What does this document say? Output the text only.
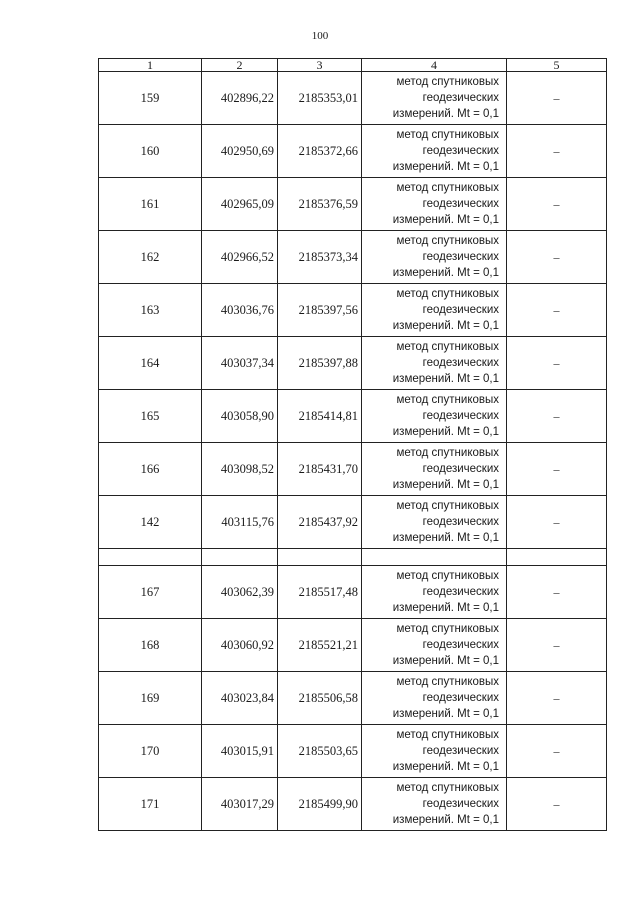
100
1	2	3	4	5
159	402896,22	2185353,01	метод спутниковых
геодезических
измерений. Mt = 0,1	–
160	402950,69	2185372,66	метод спутниковых
геодезических
измерений. Mt = 0,1	–
161	402965,09	2185376,59	метод спутниковых
геодезических
измерений. Mt = 0,1	–
162	402966,52	2185373,34	метод спутниковых
геодезических
измерений. Mt = 0,1	–
163	403036,76	2185397,56	метод спутниковых
геодезических
измерений. Mt = 0,1	–
164	403037,34	2185397,88	метод спутниковых
геодезических
измерений. Mt = 0,1	–
165	403058,90	2185414,81	метод спутниковых
геодезических
измерений. Mt = 0,1	–
166	403098,52	2185431,70	метод спутниковых
геодезических
измерений. Mt = 0,1	–
142	403115,76	2185437,92	метод спутниковых
геодезических
измерений. Mt = 0,1	–

167	403062,39	2185517,48	метод спутниковых
геодезических
измерений. Mt = 0,1	–
168	403060,92	2185521,21	метод спутниковых
геодезических
измерений. Mt = 0,1	–
169	403023,84	2185506,58	метод спутниковых
геодезических
измерений. Mt = 0,1	–
170	403015,91	2185503,65	метод спутниковых
геодезических
измерений. Mt = 0,1	–
171	403017,29	2185499,90	метод спутниковых
геодезических
измерений. Mt = 0,1	–
